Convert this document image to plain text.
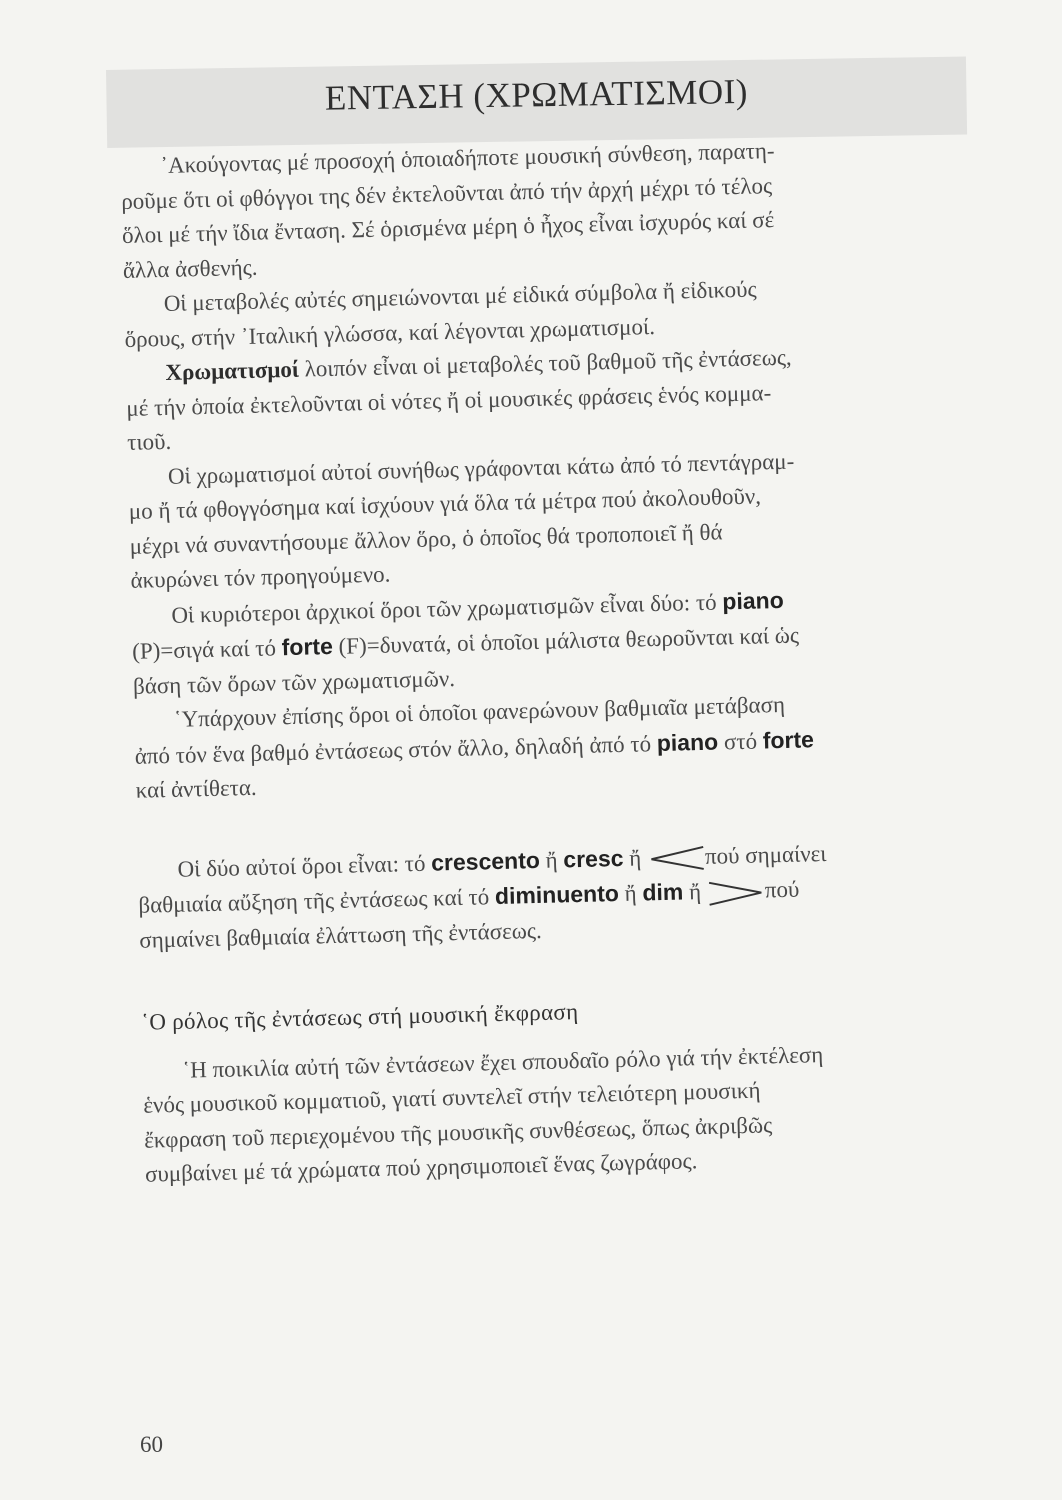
ΕΝΤΑΣΗ (ΧΡΩΜΑΤΙΣΜΟΙ)

᾿Ακούγοντας μέ προσοχή ὁποιαδήποτε μουσική σύνθεση, παρατη-
ροῦμε ὅτι οἱ φθόγγοι της δέν ἐκτελοῦνται ἀπό τήν ἀρχή μέχρι τό τέλος
ὅλοι μέ τήν ἴδια ἔνταση. Σέ ὁρισμένα μέρη ὁ ἦχος εἶναι ἰσχυρός καί σέ
ἄλλα ἀσθενής.

Οἱ μεταβολές αὐτές σημειώνονται μέ εἰδικά σύμβολα ἤ εἰδικούς
ὅρους, στήν ᾿Ιταλική γλώσσα, καί λέγονται χρωματισμοί.

Χρωματισμοί λοιπόν εἶναι οἱ μεταβολές τοῦ βαθμοῦ τῆς ἐντάσεως,
μέ τήν ὁποία ἐκτελοῦνται οἱ νότες ἤ οἱ μουσικές φράσεις ἑνός κομμα-
τιοῦ.

Οἱ χρωματισμοί αὐτοί συνήθως γράφονται κάτω ἀπό τό πεντάγραμ-
μο ἤ τά φθογγόσημα καί ἰσχύουν γιά ὅλα τά μέτρα πού ἀκολουθοῦν,
μέχρι νά συναντήσουμε ἄλλον ὅρο, ὁ ὁποῖος θά τροποποιεῖ ἤ θά
ἀκυρώνει τόν προηγούμενο.

Οἱ κυριότεροι ἀρχικοί ὅροι τῶν χρωματισμῶν εἶναι δύο: τό piano
(P)=σιγά καί τό forte (F)=δυνατά, οἱ ὁποῖοι μάλιστα θεωροῦνται καί ὡς
βάση τῶν ὅρων τῶν χρωματισμῶν.

῾Υπάρχουν ἐπίσης ὅροι οἱ ὁποῖοι φανερώνουν βαθμιαῖα μετάβαση
ἀπό τόν ἕνα βαθμό ἐντάσεως στόν ἄλλο, δηλαδή ἀπό τό piano στό forte
καί ἀντίθετα.

Οἱ δύο αὐτοί ὅροι εἶναι: τό crescento ἤ cresc ἤ πού σημαίνει
βαθμιαία αὔξηση τῆς ἐντάσεως καί τό diminuento ἤ dim ἤ πού
σημαίνει βαθμιαία ἐλάττωση τῆς ἐντάσεως.

῾Ο ρόλος τῆς ἐντάσεως στή μουσική ἔκφραση

῾Η ποικιλία αὐτή τῶν ἐντάσεων ἔχει σπουδαῖο ρόλο γιά τήν ἐκτέλεση
ἑνός μουσικοῦ κομματιοῦ, γιατί συντελεῖ στήν τελειότερη μουσική
ἔκφραση τοῦ περιεχομένου τῆς μουσικῆς συνθέσεως, ὅπως ἀκριβῶς
συμβαίνει μέ τά χρώματα πού χρησιμοποιεῖ ἕνας ζωγράφος.

60
